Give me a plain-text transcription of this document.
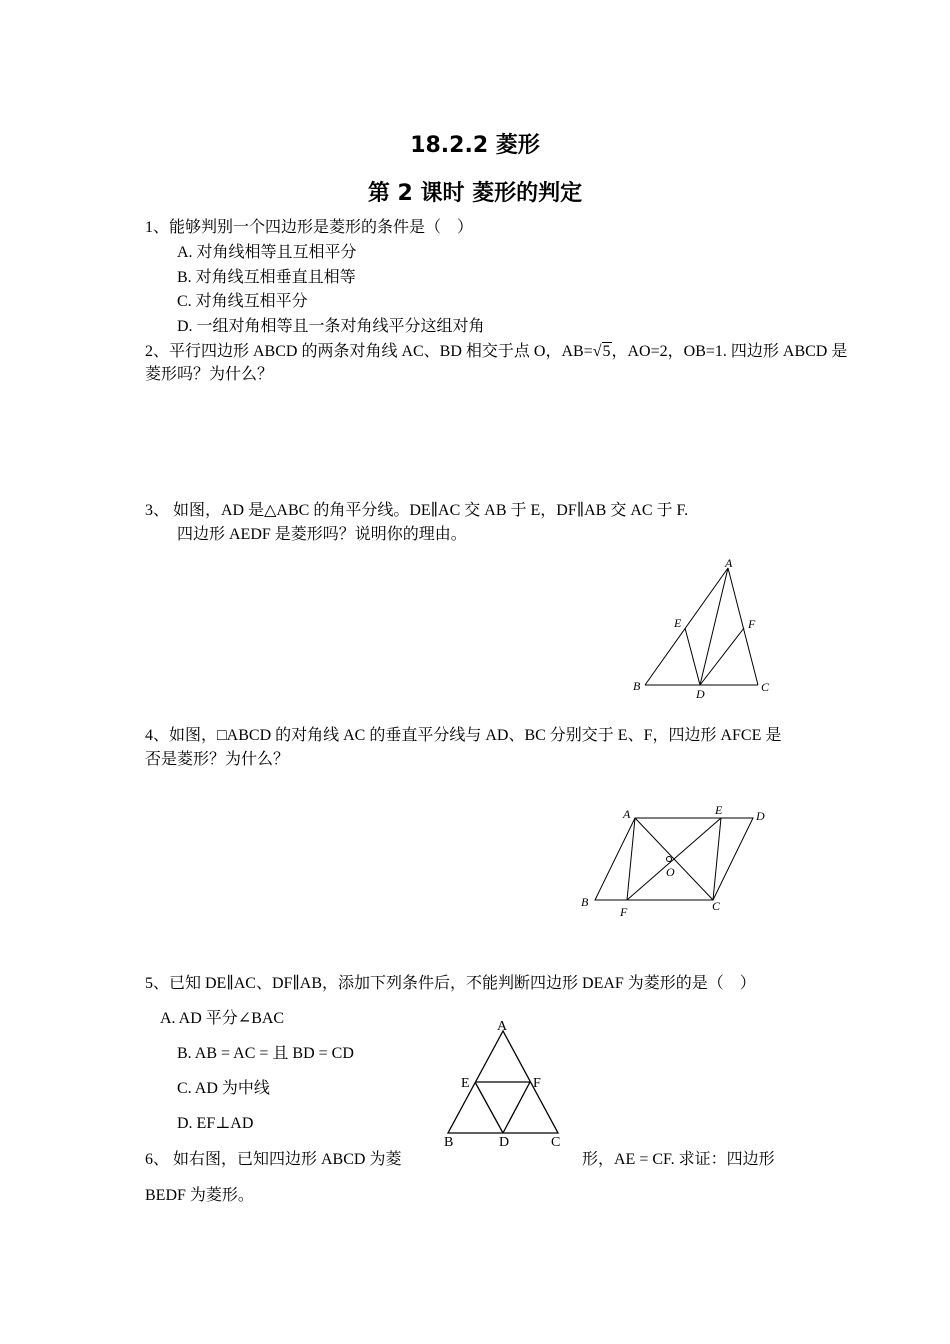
18.2.2 菱形
第 2 课时 菱形的判定
1、能够判别一个四边形是菱形的条件是（　）
A. 对角线相等且互相平分
B. 对角线互相垂直且相等
C. 对角线互相平分
D. 一组对角相等且一条对角线平分这组对角
2、平行四边形 ABCD 的两条对角线 AC、BD 相交于点 O，AB=√5，AO=2，OB=1. 四边形 ABCD 是
菱形吗？为什么？
3、 如图，AD 是△ABC 的角平分线。DE∥AC 交 AB 于 E，DF∥AB 交 AC 于 F.
四边形 AEDF 是菱形吗？说明你的理由。
A
B	C
D
E	F
4、如图，□ABCD 的对角线 AC 的垂直平分线与 AD、BC 分别交于 E、F，四边形 AFCE 是
否是菱形？为什么？
A	E	D
B
F	C
O
5、已知 DE∥AC、DF∥AB，添加下列条件后，不能判断四边形 DEAF 为菱形的是（　）
A. AD 平分∠BAC
B. AB = AC = 且 BD = CD
C. AD 为中线
D. EF⊥AD
A
E	F
B	D	C
6、 如右图，已知四边形 ABCD 为菱	形，AE = CF. 求证：四边形
BEDF 为菱形。
